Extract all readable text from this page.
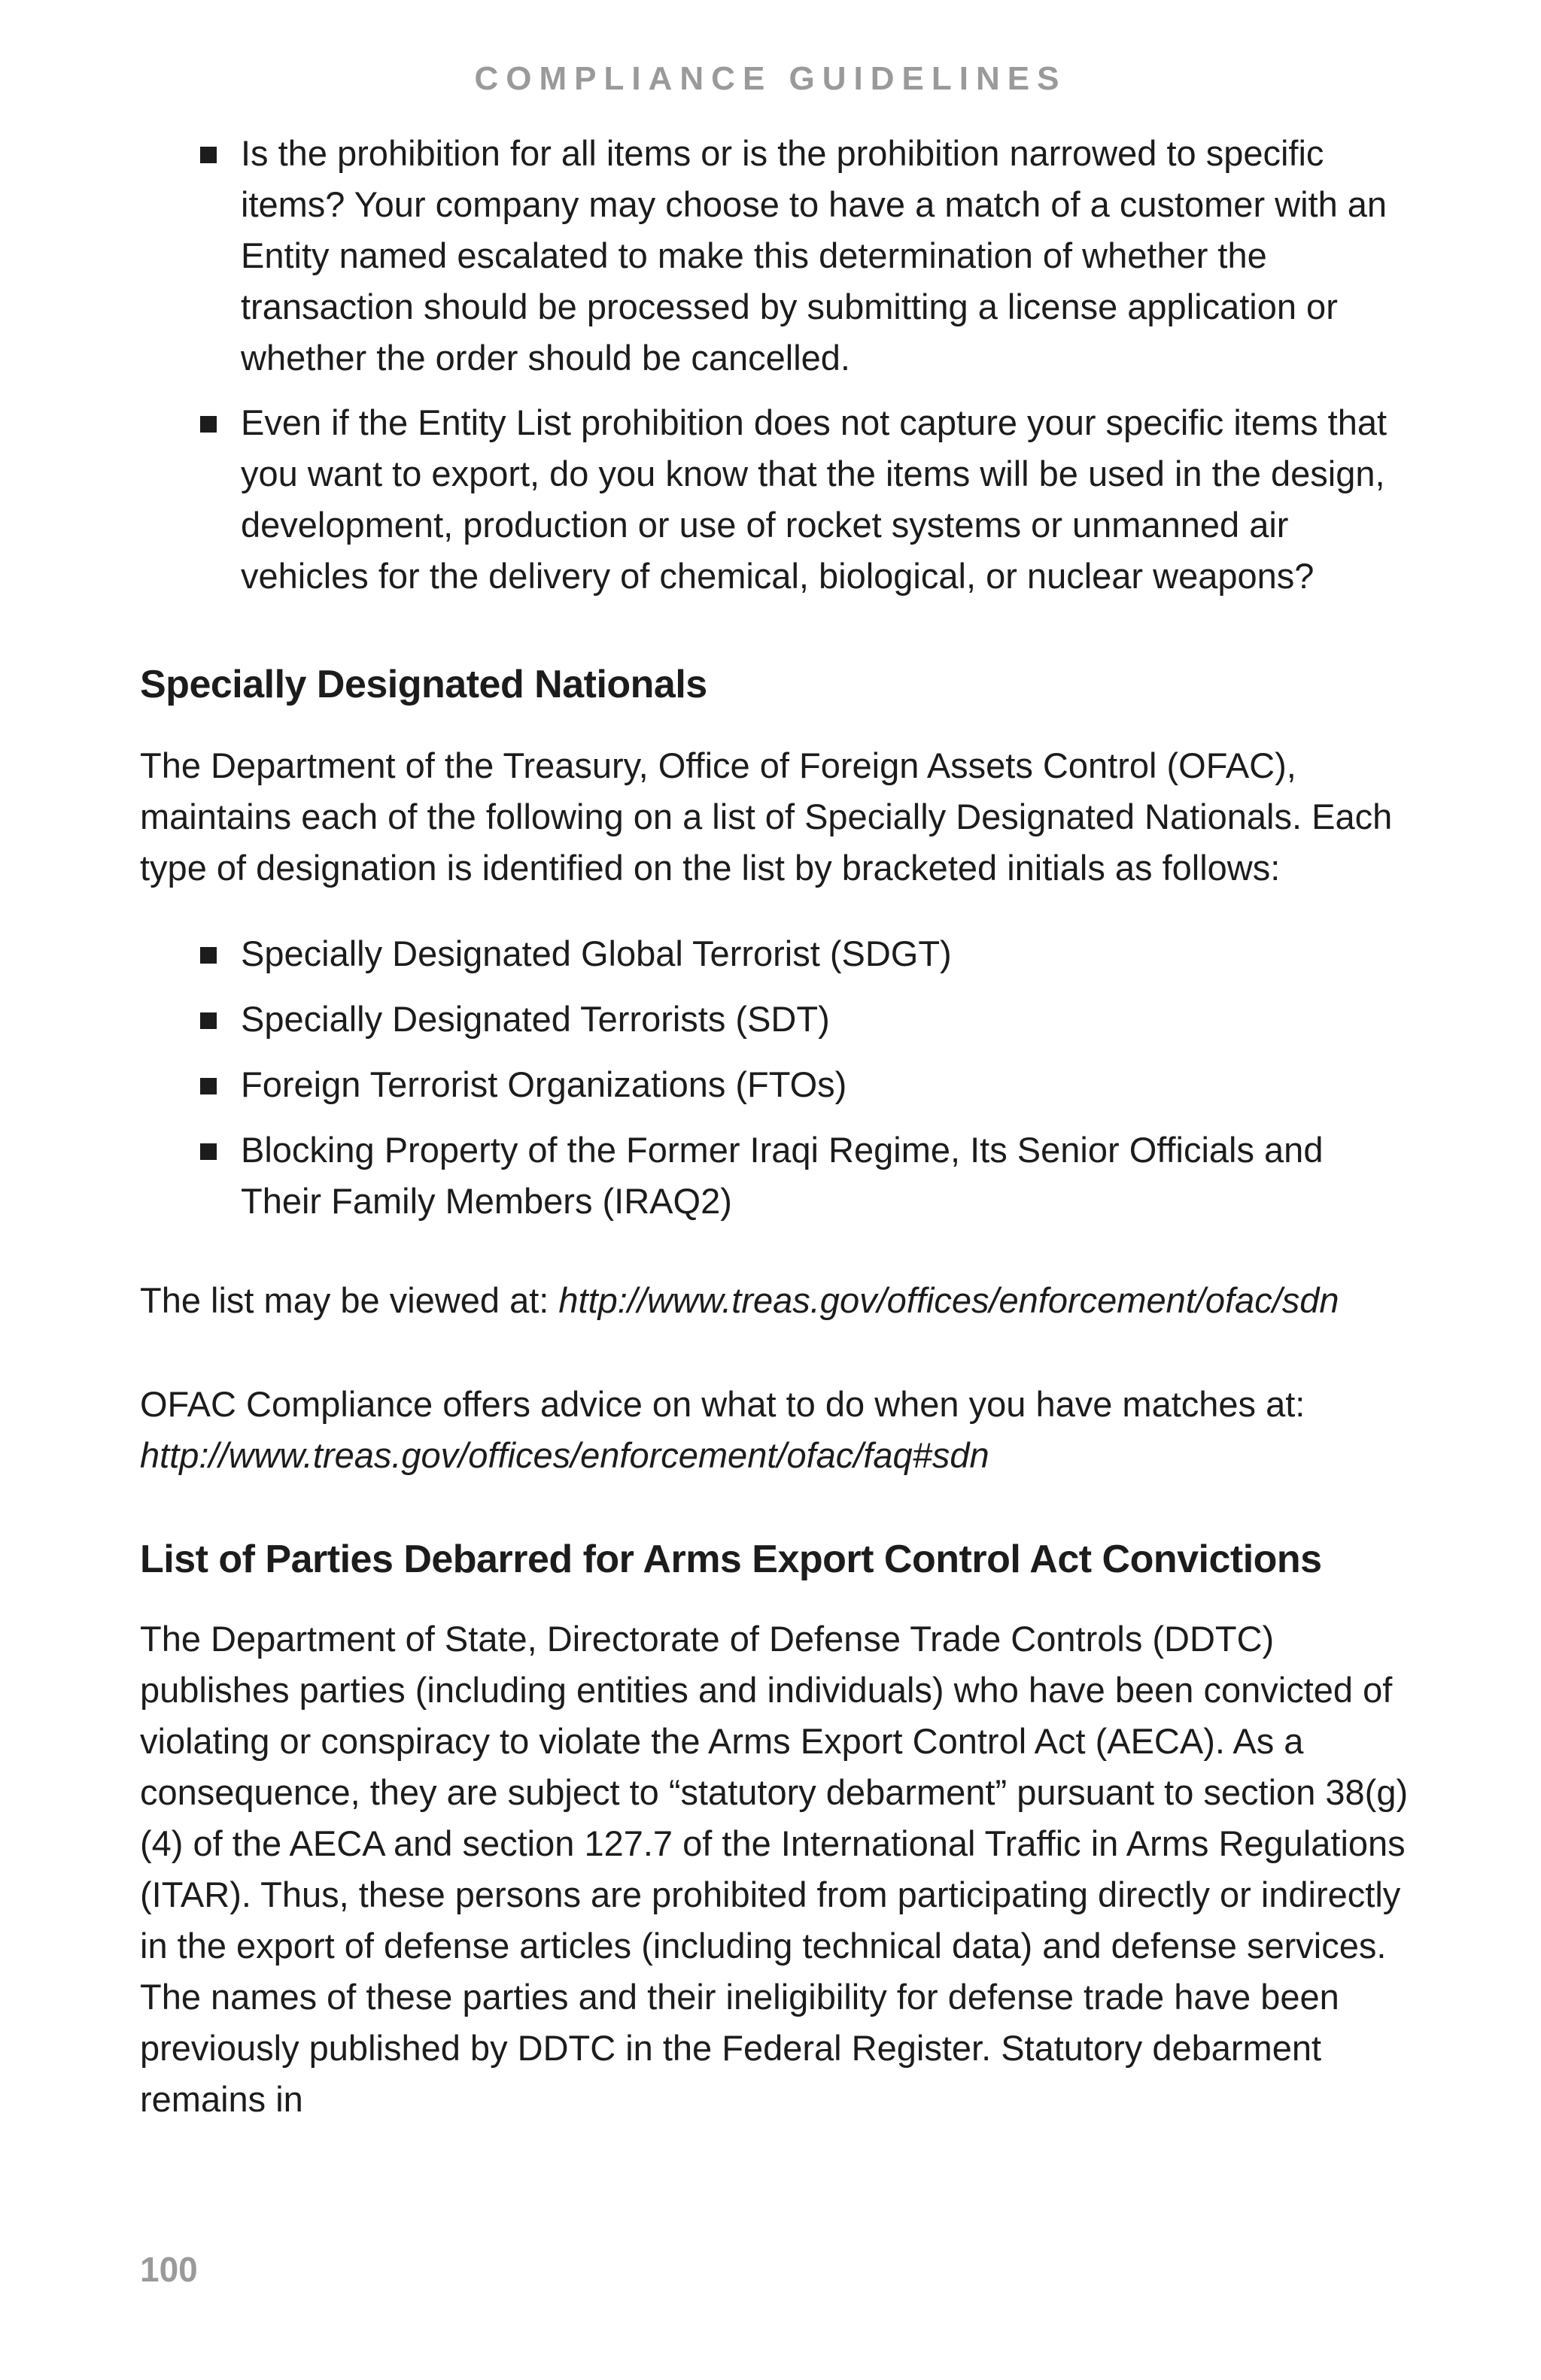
COMPLIANCE GUIDELINES

Is the prohibition for all items or is the prohibition narrowed to specific items? Your company may choose to have a match of a customer with an Entity named escalated to make this determination of whether the transaction should be processed by submitting a license application or whether the order should be cancelled.
Even if the Entity List prohibition does not capture your specific items that you want to export, do you know that the items will be used in the design, development, production or use of rocket systems or unmanned air vehicles for the delivery of chemical, biological, or nuclear weapons?
Specially Designated Nationals

The Department of the Treasury, Office of Foreign Assets Control (OFAC), maintains each of the following on a list of Specially Designated Nationals. Each type of designation is identified on the list by bracketed initials as follows:

Specially Designated Global Terrorist (SDGT)
Specially Designated Terrorists (SDT)
Foreign Terrorist Organizations (FTOs)
Blocking Property of the Former Iraqi Regime, Its Senior Officials and Their Family Members (IRAQ2)

The list may be viewed at: http://www.treas.gov/offices/enforcement/ofac/sdn

OFAC Compliance offers advice on what to do when you have matches at:
http://www.treas.gov/offices/enforcement/ofac/faq#sdn

List of Parties Debarred for Arms Export Control Act Convictions

The Department of State, Directorate of Defense Trade Controls (DDTC) publishes parties (including entities and individuals) who have been convicted of violating or conspiracy to violate the Arms Export Control Act (AECA). As a consequence, they are subject to “statutory debarment” pursuant to section 38(g) (4) of the AECA and section 127.7 of the International Traffic in Arms Regulations (ITAR). Thus, these persons are prohibited from participating directly or indirectly in the export of defense articles (including technical data) and defense services. The names of these parties and their ineligibility for defense trade have been previously published by DDTC in the Federal Register. Statutory debarment remains in

100
